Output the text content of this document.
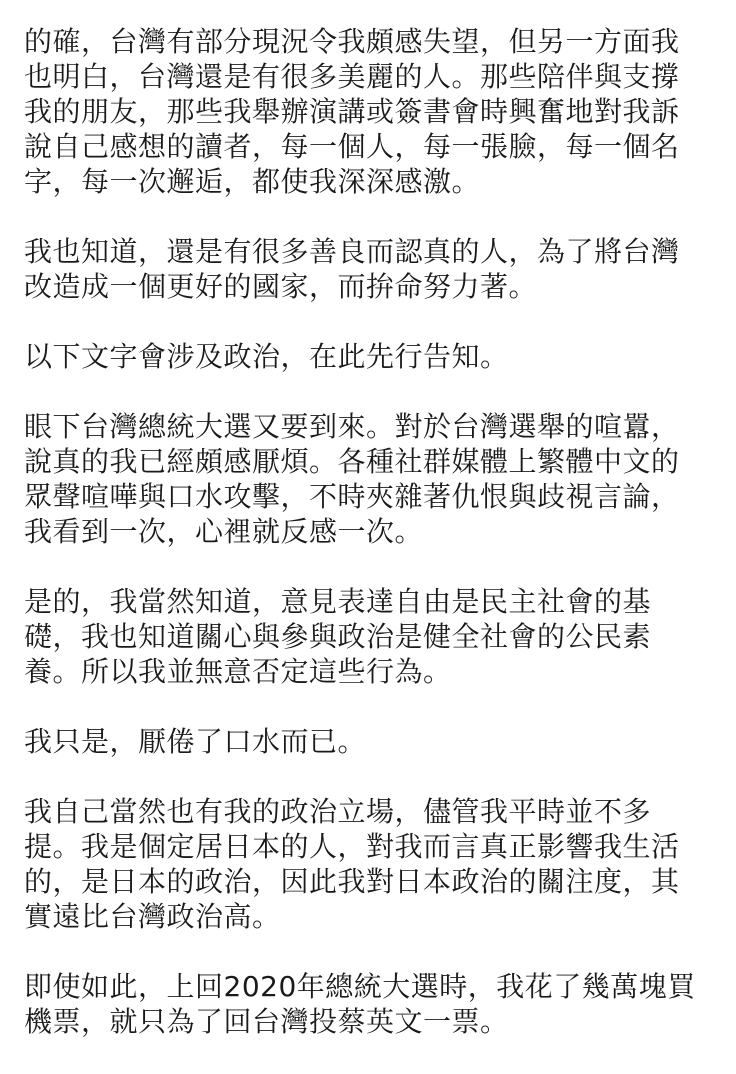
的確，台灣有部分現況令我頗感失望，但另一方面我
也明白，台灣還是有很多美麗的人。那些陪伴與支撐
我的朋友，那些我舉辦演講或簽書會時興奮地對我訴
說自己感想的讀者，每一個人，每一張臉，每一個名
字，每一次邂逅，都使我深深感激。

我也知道，還是有很多善良而認真的人，為了將台灣
改造成一個更好的國家，而拚命努力著。

以下文字會涉及政治，在此先行告知。

眼下台灣總統大選又要到來。對於台灣選舉的喧囂，
說真的我已經頗感厭煩。各種社群媒體上繁體中文的
眾聲喧嘩與口水攻擊，不時夾雜著仇恨與歧視言論，
我看到一次，心裡就反感一次。

是的，我當然知道，意見表達自由是民主社會的基
礎，我也知道關心與參與政治是健全社會的公民素
養。所以我並無意否定這些行為。

我只是，厭倦了口水而已。

我自己當然也有我的政治立場，儘管我平時並不多
提。我是個定居日本的人，對我而言真正影響我生活
的，是日本的政治，因此我對日本政治的關注度，其
實遠比台灣政治高。

即使如此，上回2020年總統大選時，我花了幾萬塊買
機票，就只為了回台灣投蔡英文一票。
